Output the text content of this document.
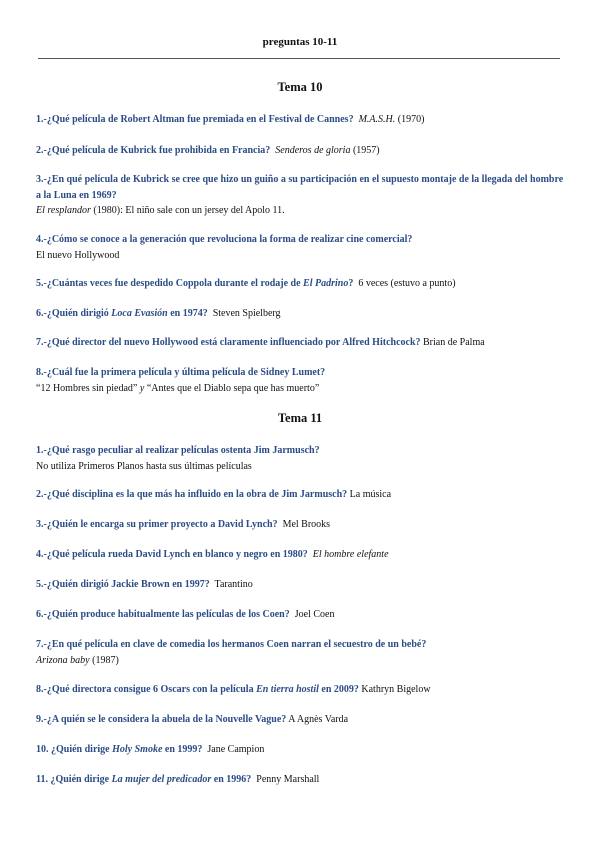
preguntas 10-11
Tema 10
1.-¿Qué película de Robert Altman fue premiada en el Festival de Cannes? M.A.S.H. (1970)
2.-¿Qué película de Kubrick fue prohibida en Francia? Senderos de gloria (1957)
3.-¿En qué película de Kubrick se cree que hizo un guiño a su participación en el supuesto montaje de la llegada del hombre a la Luna en 1969?
El resplandor (1980): El niño sale con un jersey del Apolo 11.
4.-¿Cómo se conoce a la generación que revoluciona la forma de realizar cine comercial?
El nuevo Hollywood
5.-¿Cuántas veces fue despedido Coppola durante el rodaje de El Padrino? 6 veces (estuvo a punto)
6.-¿Quién dirigió Loca Evasión en 1974? Steven Spielberg
7.-¿Qué director del nuevo Hollywood está claramente influenciado por Alfred Hitchcock? Brian de Palma
8.-¿Cuál fue la primera película y última película de Sidney Lumet?
“12 Hombres sin piedad” y “Antes que el Diablo sepa que has muerto”
Tema 11
1.-¿Qué rasgo peculiar al realizar películas ostenta Jim Jarmusch?
No utiliza Primeros Planos hasta sus últimas películas
2.-¿Qué disciplina es la que más ha influido en la obra de Jim Jarmusch? La música
3.-¿Quién le encarga su primer proyecto a David Lynch? Mel Brooks
4.-¿Qué película rueda David Lynch en blanco y negro en 1980? El hombre elefante
5.-¿Quién dirigió Jackie Brown en 1997? Tarantino
6.-¿Quién produce habitualmente las películas de los Coen? Joel Coen
7.-¿En qué película en clave de comedia los hermanos Coen narran el secuestro de un bebé?
Arizona baby (1987)
8.-¿Qué directora consigue 6 Oscars con la película En tierra hostil en 2009? Kathryn Bigelow
9.-¿A quién se le considera la abuela de la Nouvelle Vague? A Agnès Varda
10. ¿Quién dirige Holy Smoke en 1999? Jane Campion
11. ¿Quién dirige La mujer del predicador en 1996? Penny Marshall
